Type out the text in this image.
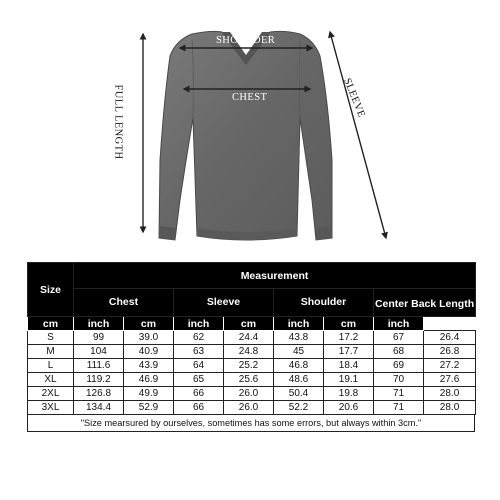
SHOULDER
CHEST
FULL LENGTH	SLEEVE
Size	Measurement							
	Chest		Sleeve		Shoulder		Center Back Length	
cm	inch	cm	inch	cm	inch	cm	inch	
S	99	39.0	62	24.4	43.8	17.2	67	26.4
M	104	40.9	63	24.8	45	17.7	68	26.8
L	111.6	43.9	64	25.2	46.8	18.4	69	27.2
XL	119.2	46.9	65	25.6	48.6	19.1	70	27.6
2XL	126.8	49.9	66	26.0	50.4	19.8	71	28.0
3XL	134.4	52.9	66	26.0	52.2	20.6	71	28.0
"Size mearsured by ourselves, sometimes has some errors, but always within 3cm."
